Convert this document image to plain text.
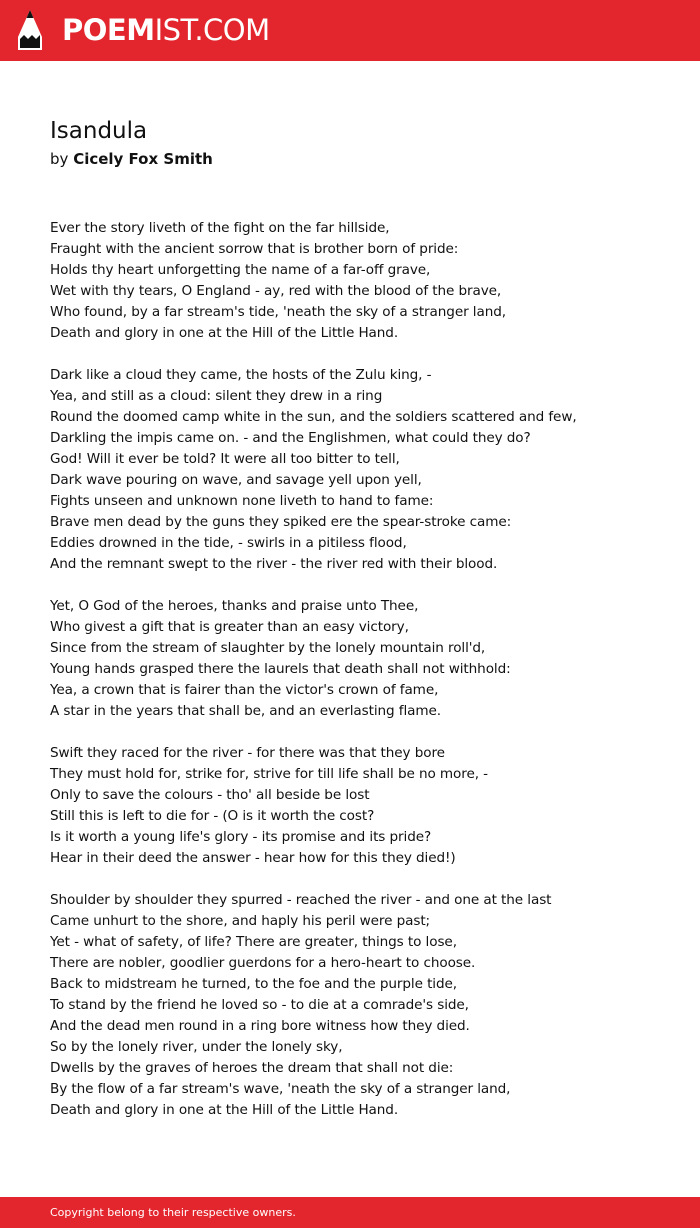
POEMIST.COM
Isandula
by Cicely Fox Smith
Ever the story liveth of the fight on the far hillside,
Fraught with the ancient sorrow that is brother born of pride:
Holds thy heart unforgetting the name of a far-off grave,
Wet with thy tears, O England - ay, red with the blood of the brave,
Who found, by a far stream's tide, 'neath the sky of a stranger land,
Death and glory in one at the Hill of the Little Hand.
Dark like a cloud they came, the hosts of the Zulu king, -
Yea, and still as a cloud: silent they drew in a ring
Round the doomed camp white in the sun, and the soldiers scattered and few,
Darkling the impis came on. - and the Englishmen, what could they do?
God! Will it ever be told? It were all too bitter to tell,
Dark wave pouring on wave, and savage yell upon yell,
Fights unseen and unknown none liveth to hand to fame:
Brave men dead by the guns they spiked ere the spear-stroke came:
Eddies drowned in the tide, - swirls in a pitiless flood,
And the remnant swept to the river - the river red with their blood.
Yet, O God of the heroes, thanks and praise unto Thee,
Who givest a gift that is greater than an easy victory,
Since from the stream of slaughter by the lonely mountain roll'd,
Young hands grasped there the laurels that death shall not withhold:
Yea, a crown that is fairer than the victor's crown of fame,
A star in the years that shall be, and an everlasting flame.
Swift they raced for the river - for there was that they bore
They must hold for, strike for, strive for till life shall be no more, -
Only to save the colours - tho' all beside be lost
Still this is left to die for - (O is it worth the cost?
Is it worth a young life's glory - its promise and its pride?
Hear in their deed the answer - hear how for this they died!)
Shoulder by shoulder they spurred - reached the river - and one at the last
Came unhurt to the shore, and haply his peril were past;
Yet - what of safety, of life? There are greater, things to lose,
There are nobler, goodlier guerdons for a hero-heart to choose.
Back to midstream he turned, to the foe and the purple tide,
To stand by the friend he loved so - to die at a comrade's side,
And the dead men round in a ring bore witness how they died.
So by the lonely river, under the lonely sky,
Dwells by the graves of heroes the dream that shall not die:
By the flow of a far stream's wave, 'neath the sky of a stranger land,
Death and glory in one at the Hill of the Little Hand.
Copyright belong to their respective owners.
